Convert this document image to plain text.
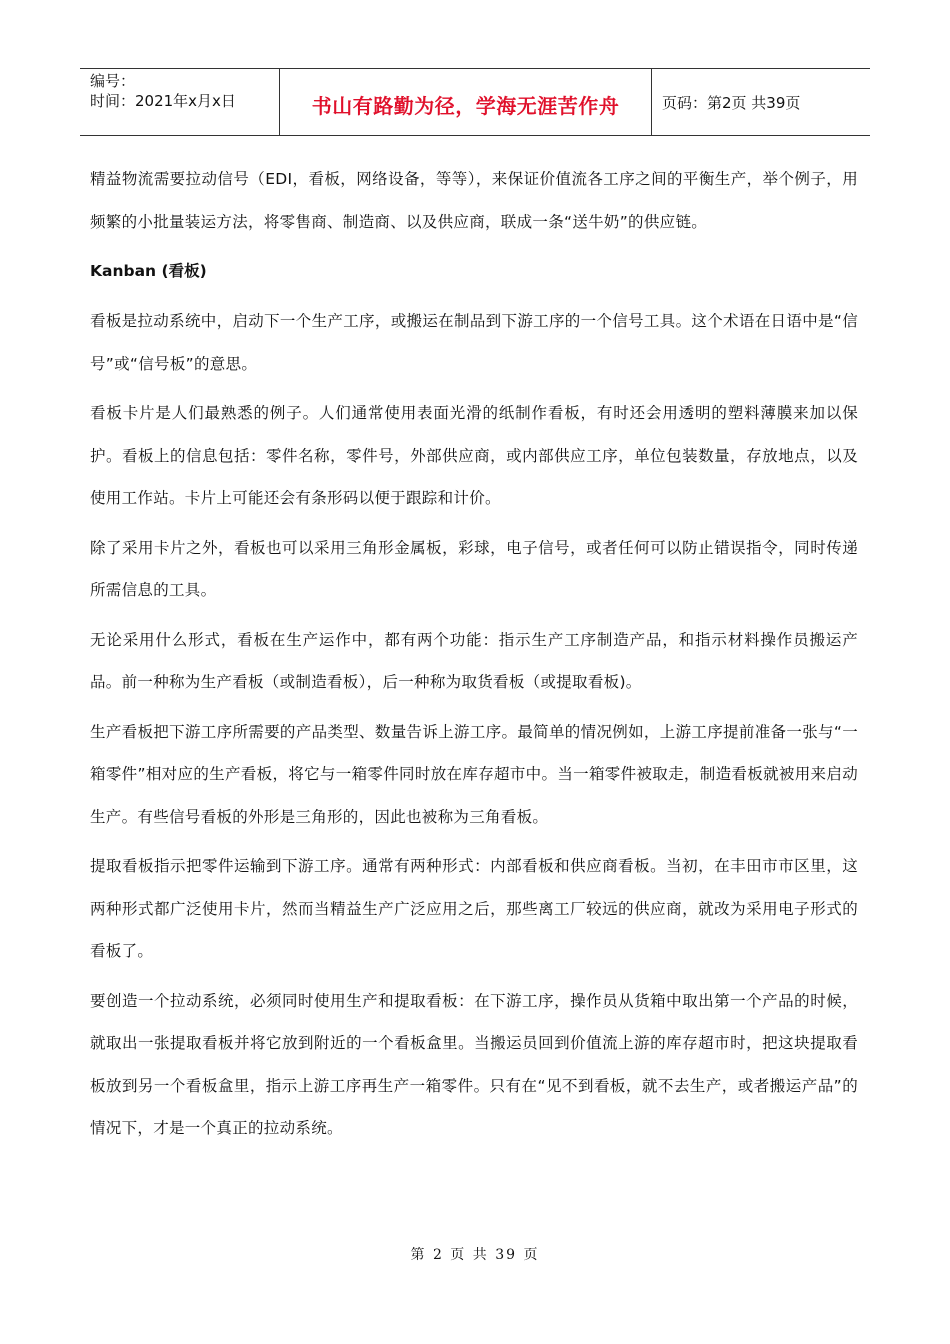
编号：
时间：2021年x月x日	书山有路勤为径，学海无涯苦作舟	页码：第2页 共39页

精益物流需要拉动信号（EDI，看板，网络设备，等等），来保证价值流各工序之间的平衡生产，举个例子，用频繁的小批量装运方法，将零售商、制造商、以及供应商，联成一条“送牛奶”的供应链。

Kanban (看板)

看板是拉动系统中，启动下一个生产工序，或搬运在制品到下游工序的一个信号工具。这个术语在日语中是“信号”或“信号板”的意思。

看板卡片是人们最熟悉的例子。人们通常使用表面光滑的纸制作看板，有时还会用透明的塑料薄膜来加以保护。看板上的信息包括：零件名称，零件号，外部供应商，或内部供应工序，单位包装数量，存放地点，以及使用工作站。卡片上可能还会有条形码以便于跟踪和计价。

除了采用卡片之外，看板也可以采用三角形金属板，彩球，电子信号，或者任何可以防止错误指令，同时传递所需信息的工具。

无论采用什么形式，看板在生产运作中，都有两个功能：指示生产工序制造产品，和指示材料操作员搬运产品。前一种称为生产看板（或制造看板），后一种称为取货看板（或提取看板)。

生产看板把下游工序所需要的产品类型、数量告诉上游工序。最简单的情况例如，上游工序提前准备一张与“一箱零件”相对应的生产看板，将它与一箱零件同时放在库存超市中。当一箱零件被取走，制造看板就被用来启动生产。有些信号看板的外形是三角形的，因此也被称为三角看板。

提取看板指示把零件运输到下游工序。通常有两种形式：内部看板和供应商看板。当初，在丰田市市区里，这两种形式都广泛使用卡片，然而当精益生产广泛应用之后，那些离工厂较远的供应商，就改为采用电子形式的看板了。

要创造一个拉动系统，必须同时使用生产和提取看板：在下游工序，操作员从货箱中取出第一个产品的时候，就取出一张提取看板并将它放到附近的一个看板盒里。当搬运员回到价值流上游的库存超市时，把这块提取看板放到另一个看板盒里，指示上游工序再生产一箱零件。只有在“见不到看板，就不去生产，或者搬运产品”的情况下，才是一个真正的拉动系统。

第 2 页 共 39 页
